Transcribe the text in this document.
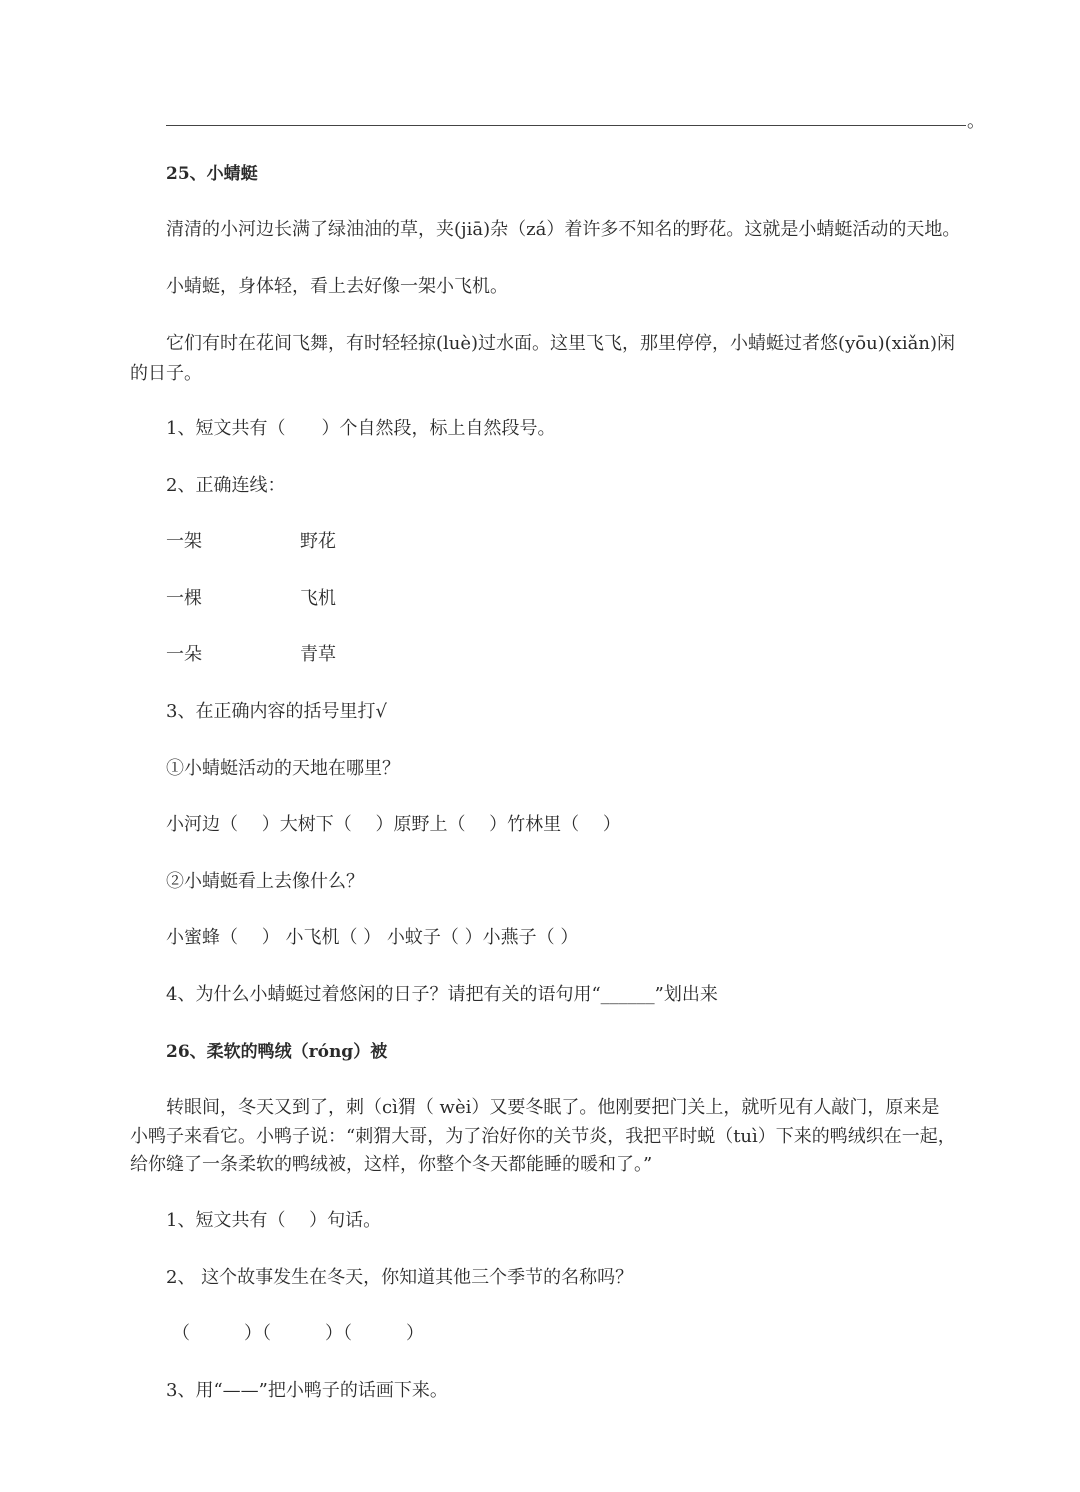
。
25、小蜻蜓
清清的小河边长满了绿油油的草，夹(jiā)杂（zá）着许多不知名的野花。这就是小蜻蜓活动的天地。
小蜻蜓，身体轻，看上去好像一架小飞机。
它们有时在花间飞舞，有时轻轻掠(luè)过水面。这里飞飞，那里停停，小蜻蜓过者悠(yōu)(xiǎn)闲
的日子。
1、短文共有（　　）个自然段，标上自然段号。
2、正确连线：
一架	野花
一棵	飞机
一朵	青草
3、在正确内容的括号里打√
①小蜻蜓活动的天地在哪里？
小河边（　 ）大树下（　 ）原野上（　 ）竹林里（　 ）
②小蜻蜓看上去像什么？
小蜜蜂（　 ） 小飞机（ ） 小蚊子（ ）小燕子（ ）
4、为什么小蜻蜓过着悠闲的日子？请把有关的语句用“______”划出来
26、柔软的鸭绒（róng）被
转眼间，冬天又到了，刺（cì猬（ wèi）又要冬眠了。他刚要把门关上，就听见有人敲门，原来是
小鸭子来看它。小鸭子说：“刺猬大哥，为了治好你的关节炎，我把平时蜕（tuì）下来的鸭绒织在一起，
给你缝了一条柔软的鸭绒被，这样，你整个冬天都能睡的暖和了。”
1、短文共有（　 ）句话。
2、 这个故事发生在冬天，你知道其他三个季节的名称吗？
（　　　）（　　　）（　　　）
3、用“——”把小鸭子的话画下来。
